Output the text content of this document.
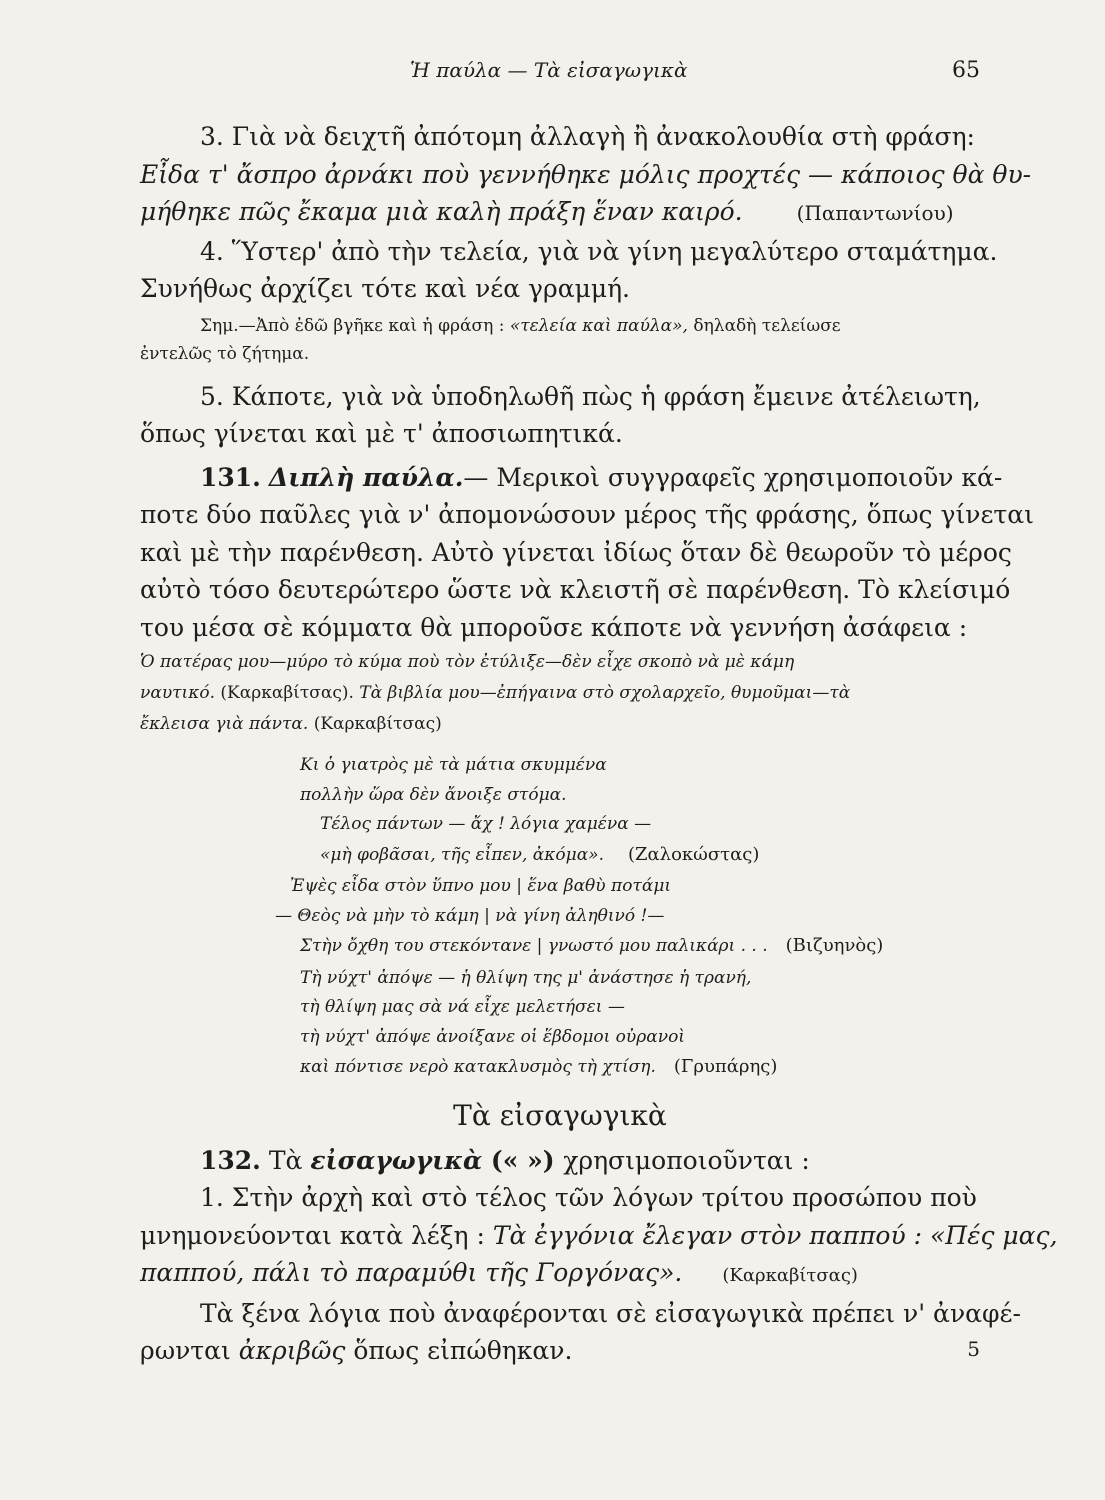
Ἡ παύλα — Τὰ εἰσαγωγικὰ	65

3. Γιὰ νὰ δειχτῆ ἀπότομη ἀλλαγὴ ἢ ἀνακολουθία στὴ φράση:

Εἶδα τ' ἄσπρο ἀρνάκι ποὺ γεννήθηκε μόλις προχτές — κάποιος θὰ θυ-

μήθηκε πῶς ἔκαμα μιὰ καλὴ πράξη ἕναν καιρό.	(Παπαντωνίου)

4. Ὕστερ' ἀπὸ τὴν τελεία, γιὰ νὰ γίνη μεγαλύτερο σταμάτημα.

Συνήθως ἀρχίζει τότε καὶ νέα γραμμή.

Σημ.—Ἀπὸ ἐδῶ βγῆκε καὶ ἡ φράση : «τελεία καὶ παύλα», δηλαδὴ τελείωσε

ἐντελῶς τὸ ζήτημα.

5. Κάποτε, γιὰ νὰ ὑποδηλωθῆ πὼς ἡ φράση ἔμεινε ἀτέλειωτη,

ὅπως γίνεται καὶ μὲ τ' ἀποσιωπητικά.

131. Διπλὴ παύλα.— Μερικοὶ συγγραφεῖς χρησιμοποιοῦν κά-

ποτε δύο παῦλες γιὰ ν' ἀπομονώσουν μέρος τῆς φράσης, ὅπως γίνεται

καὶ μὲ τὴν παρένθεση. Αὐτὸ γίνεται ἰδίως ὅταν δὲ θεωροῦν τὸ μέρος

αὐτὸ τόσο δευτερώτερο ὥστε νὰ κλειστῆ σὲ παρένθεση. Τὸ κλείσιμό

του μέσα σὲ κόμματα θὰ μποροῦσε κάποτε νὰ γεννήση ἀσάφεια :

Ὁ πατέρας μου—μύρο τὸ κύμα ποὺ τὸν ἐτύλιξε—δὲν εἶχε σκοπὸ νὰ μὲ κάμη

ναυτικό. (Καρκαβίτσας). Τὰ βιβλία μου—ἐπήγαινα στὸ σχολαρχεῖο, θυμοῦμαι—τὰ

ἔκλεισα γιὰ πάντα. (Καρκαβίτσας)

Κι ὁ γιατρὸς μὲ τὰ μάτια σκυμμένα
πολλὴν ὥρα δὲν ἄνοιξε στόμα.
Τέλος πάντων — ἄχ ! λόγια χαμένα —
«μὴ φοβᾶσαι, τῆς εἶπεν, ἀκόμα». (Ζαλοκώστας)
Ἐψὲς εἶδα στὸν ὕπνο μου | ἕνα βαθὺ ποτάμι
— Θεὸς νὰ μὴν τὸ κάμη | νὰ γίνη ἀληθινό !—
Στὴν ὄχθη του στεκόντανε | γνωστό μου παλικάρι . . . (Βιζυηνὸς)
Τὴ νύχτ' ἀπόψε — ἡ θλίψη της μ' ἀνάστησε ἡ τρανή,
τὴ θλίψη μας σὰ νά εἶχε μελετήσει —
τὴ νύχτ' ἀπόψε ἀνοίξανε οἱ ἕβδομοι οὐρανοὶ
καὶ πόντισε νερὸ κατακλυσμὸς τὴ χτίση. (Γρυπάρης)
Τὰ εἰσαγωγικὰ

132. Τὰ εἰσαγωγικὰ (« ») χρησιμοποιοῦνται :

1. Στὴν ἀρχὴ καὶ στὸ τέλος τῶν λόγων τρίτου προσώπου ποὺ

μνημονεύονται κατὰ λέξη : Τὰ ἐγγόνια ἔλεγαν στὸν παππού : «Πές μας,

παππού, πάλι τὸ παραμύθι τῆς Γοργόνας». (Καρκαβίτσας)

Τὰ ξένα λόγια ποὺ ἀναφέρονται σὲ εἰσαγωγικὰ πρέπει ν' ἀναφέ-

ρωνται ἀκριβῶς ὅπως εἰπώθηκαν.	5
